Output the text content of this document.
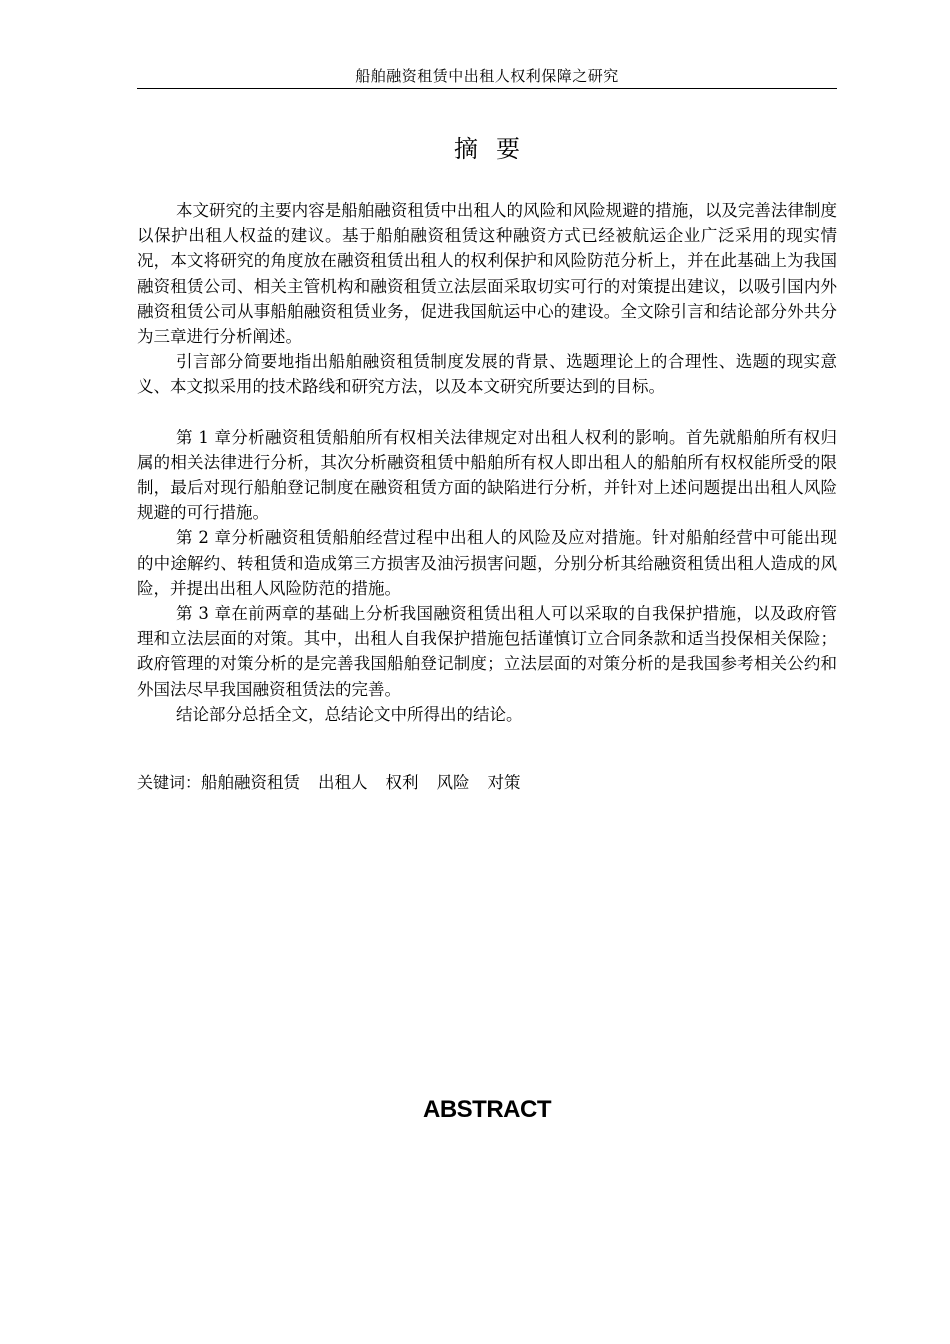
船舶融资租赁中出租人权利保障之研究
摘要

本文研究的主要内容是船舶融资租赁中出租人的风险和风险规避的措施，以及完善法律制度以保护出租人权益的建议。基于船舶融资租赁这种融资方式已经被航运企业广泛采用的现实情况，本文将研究的角度放在融资租赁出租人的权利保护和风险防范分析上，并在此基础上为我国融资租赁公司、相关主管机构和融资租赁立法层面采取切实可行的对策提出建议，以吸引国内外融资租赁公司从事船舶融资租赁业务，促进我国航运中心的建设。全文除引言和结论部分外共分为三章进行分析阐述。

引言部分简要地指出船舶融资租赁制度发展的背景、选题理论上的合理性、选题的现实意义、本文拟采用的技术路线和研究方法，以及本文研究所要达到的目标。

第 1 章分析融资租赁船舶所有权相关法律规定对出租人权利的影响。首先就船舶所有权归属的相关法律进行分析，其次分析融资租赁中船舶所有权人即出租人的船舶所有权权能所受的限制，最后对现行船舶登记制度在融资租赁方面的缺陷进行分析，并针对上述问题提出出租人风险规避的可行措施。

第 2 章分析融资租赁船舶经营过程中出租人的风险及应对措施。针对船舶经营中可能出现的中途解约、转租赁和造成第三方损害及油污损害问题，分别分析其给融资租赁出租人造成的风险，并提出出租人风险防范的措施。

第 3 章在前两章的基础上分析我国融资租赁出租人可以采取的自我保护措施，以及政府管理和立法层面的对策。其中，出租人自我保护措施包括谨慎订立合同条款和适当投保相关保险；政府管理的对策分析的是完善我国船舶登记制度；立法层面的对策分析的是我国参考相关公约和外国法尽早我国融资租赁法的完善。

结论部分总括全文，总结论文中所得出的结论。

关键词：船舶融资租赁 出租人 权利 风险 对策
ABSTRACT
